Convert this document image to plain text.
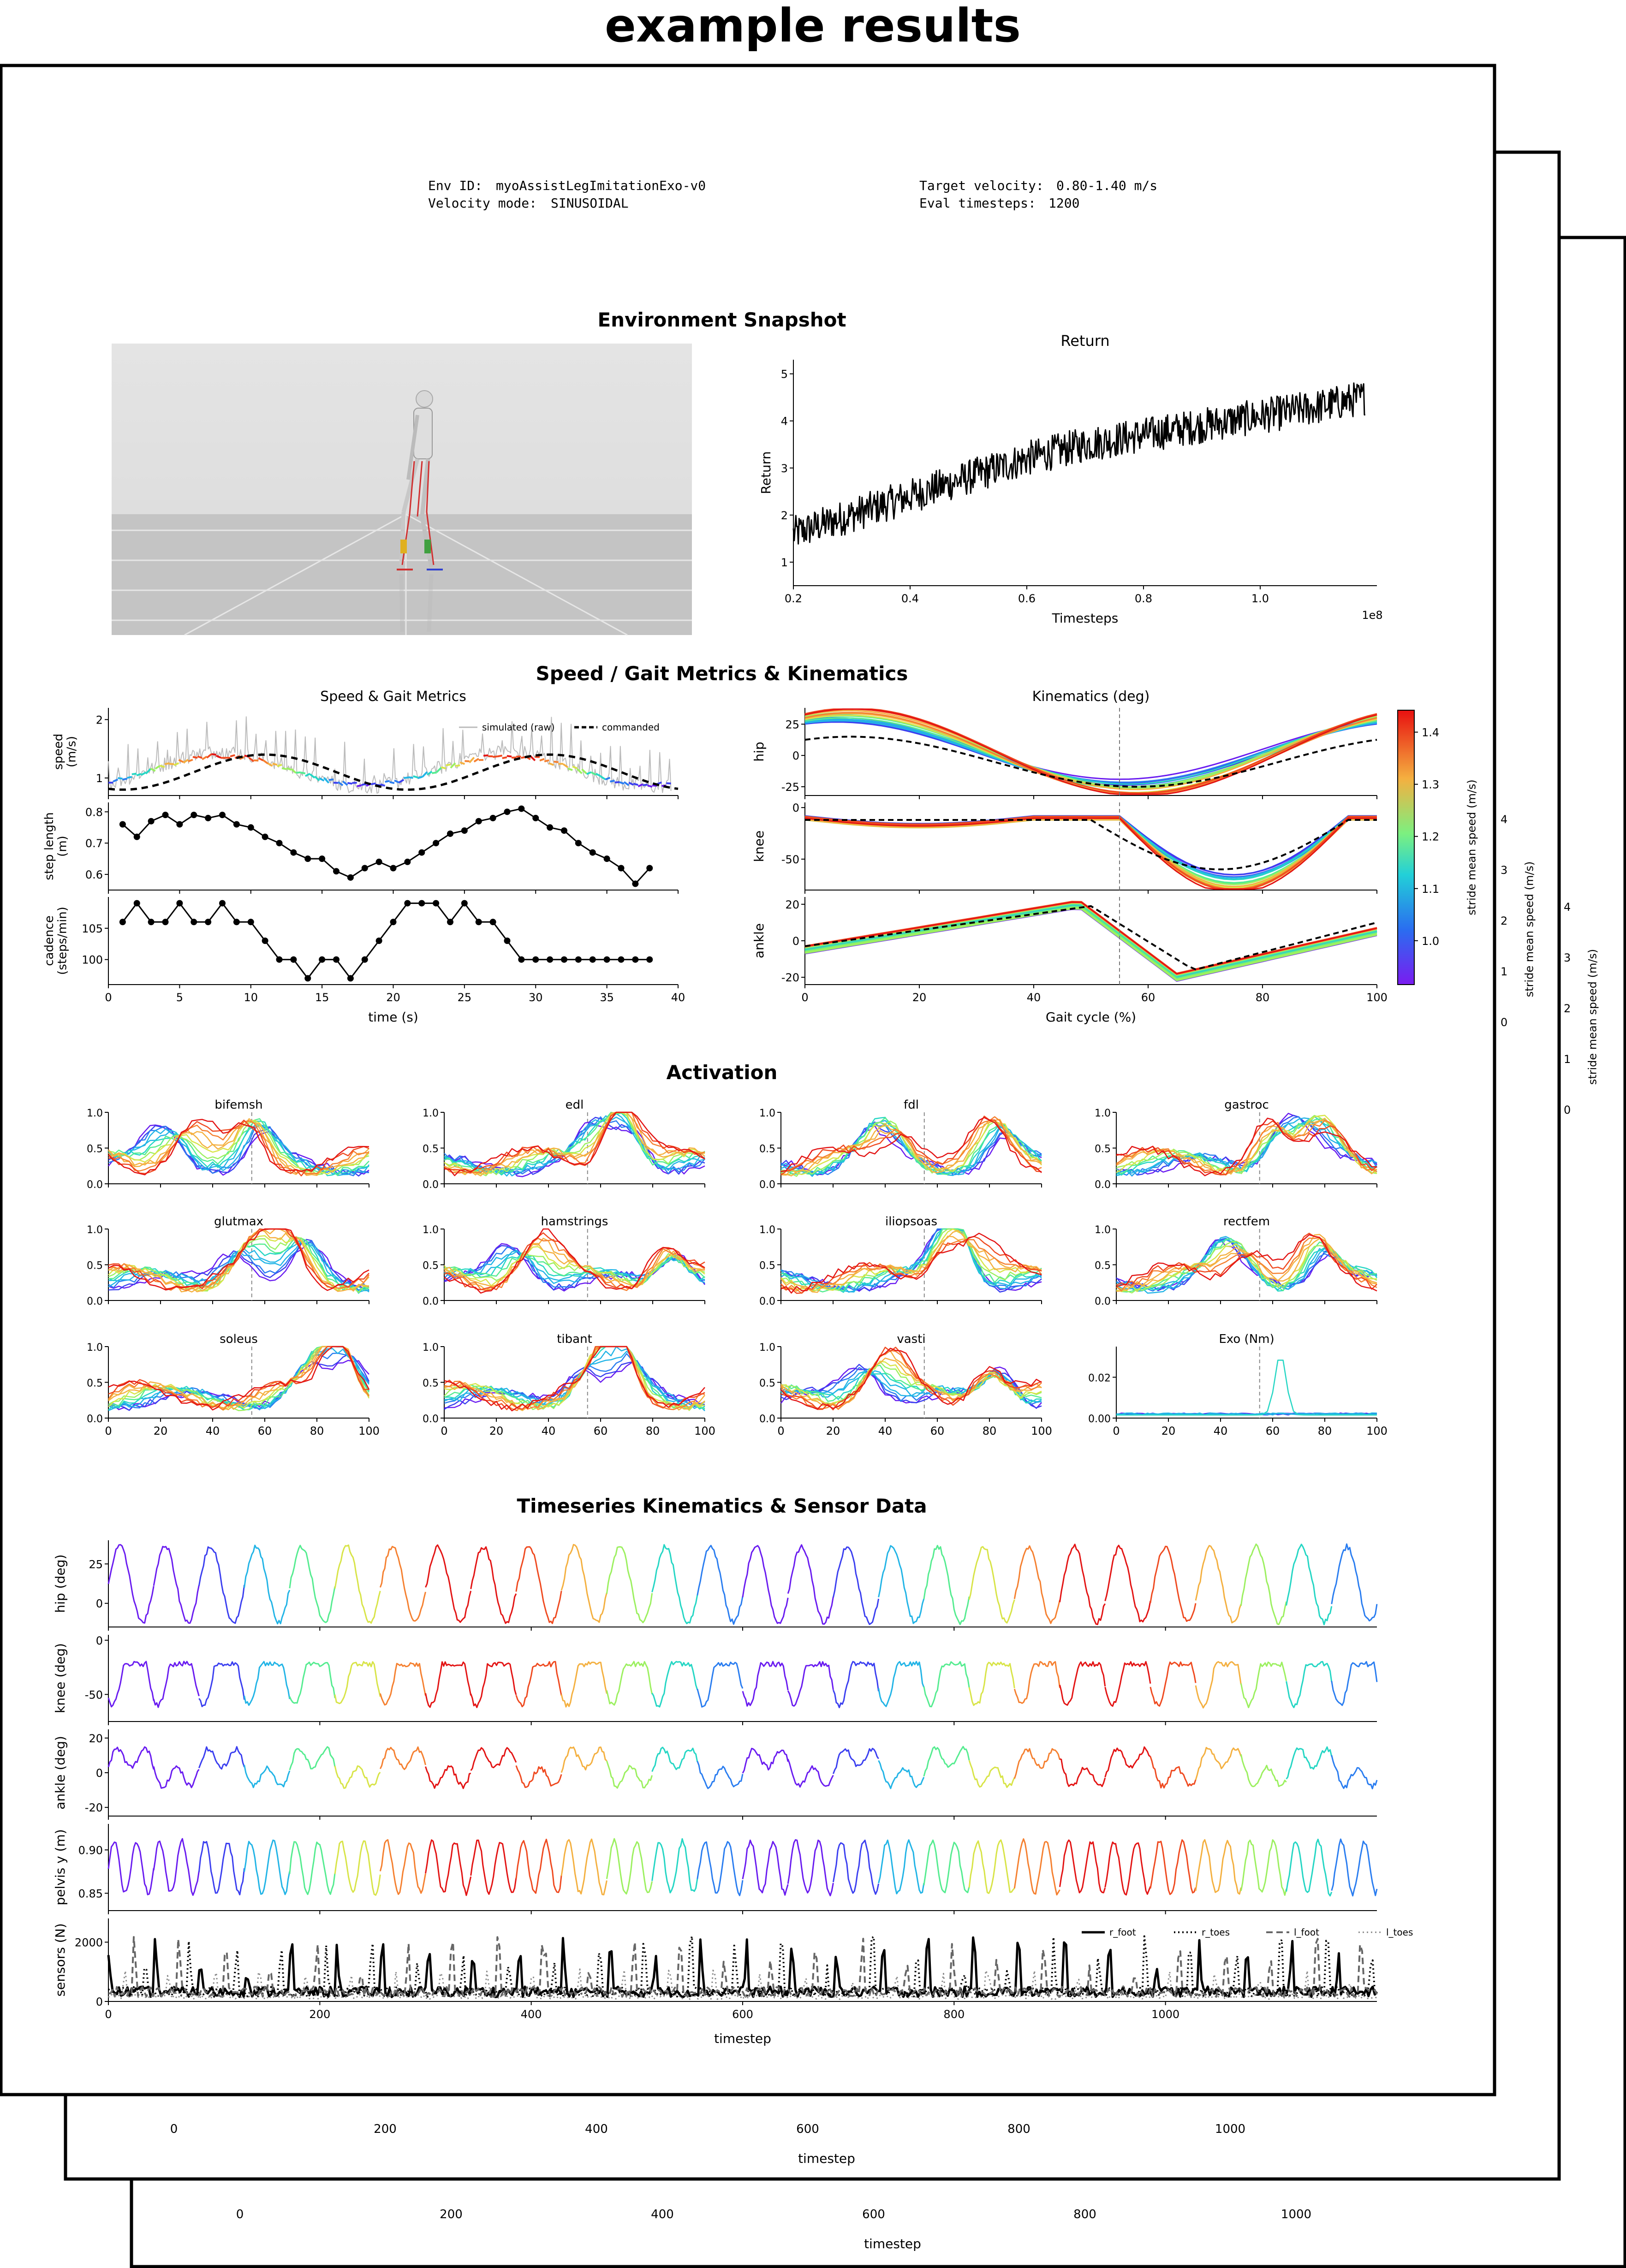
example results
0	200	400	600	800	1000
timestep
0	200	400	600	800	1000
timestep
4
3
2
1
0
stride mean speed (m/s)	4
3
2
1
0
stride mean speed (m/s)
Env ID: myoAssistLegImitationExo-v0
Velocity mode: SINUSOIDAL
Target velocity: 0.80-1.40 m/s
Eval timesteps: 1200
Environment Snapshot
Speed / Gait Metrics & Kinematics
Activation
Timeseries Kinematics & Sensor Data
Return
1
2
3
4
5
0.2	0.4	0.6	0.8	1.0
Timesteps	1e8
Return
Speed & Gait Metrics
1
2
speed
(m/s)
simulated (raw)	commanded
0.6
0.7
0.8
step length
(m)
100
105
0	5	10	15	20	25	30	35	40
cadence
(steps/min)
time (s)
Kinematics (deg)
-25
0
25
hip
-50
0
knee
-20
0
20
0	20	40	60	80	100
ankle
Gait cycle (%)
1.0
1.1
1.2
1.3
1.4
stride mean speed (m/s)
bifemsh
0.0
0.5
1.0
edl
0.0
0.5
1.0
fdl
0.0
0.5
1.0
gastroc
0.0
0.5
1.0
glutmax
0.0
0.5
1.0
hamstrings
0.0
0.5
1.0
iliopsoas
0.0
0.5
1.0
rectfem
0.0
0.5
1.0
soleus
0.0
0.5
1.0
0	20	40	60	80	100
tibant
0.0
0.5
1.0
0	20	40	60	80	100
vasti
0.0
0.5
1.0
0	20	40	60	80	100
Exo (Nm)
0.00
0.02
0	20	40	60	80	100
0
25
hip (deg)
-50
0
knee (deg)
-20
0
20
ankle (deg)
0.85
0.90
pelvis y (m)
0
2000
0	200	400	600	800	1000
sensors (N)	r_foot	r_toes	l_foot	l_toes
timestep
